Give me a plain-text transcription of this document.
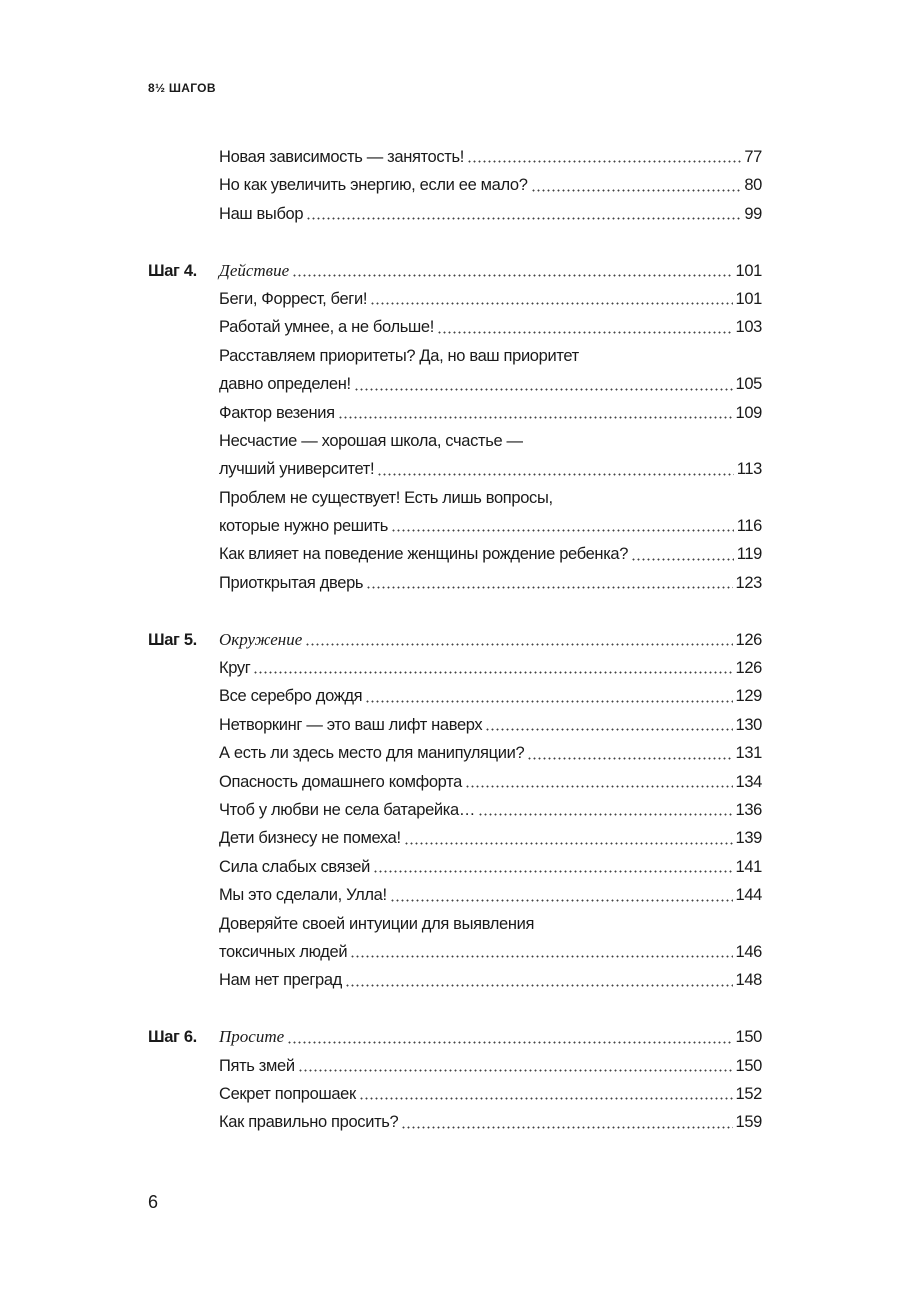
8½ ШАГОВ
Новая зависимость — занятость!	77
Но как увеличить энергию, если ее мало?	80
Наш выбор	99
Шаг 4.	Действие	101
Беги, Форрест, беги!	101
Работай умнее, а не больше!	103
Расставляем приоритеты? Да, но ваш приоритет
давно определен!	105
Фактор везения	109
Несчастие — хорошая школа, счастье —
лучший университет!	113
Проблем не существует! Есть лишь вопросы,
которые нужно решить	116
Как влияет на поведение женщины рождение ребенка?	119
Приоткрытая дверь	123
Шаг 5.	Окружение	126
Круг	126
Все серебро дождя	129
Нетворкинг — это ваш лифт наверх	130
А есть ли здесь место для манипуляции?	131
Опасность домашнего комфорта	134
Чтоб у любви не села батарейка…	136
Дети бизнесу не помеха!	139
Сила слабых связей	141
Мы это сделали, Улла!	144
Доверяйте своей интуиции для выявления
токсичных людей	146
Нам нет преград	148
Шаг 6.	Просите	150
Пять змей	150
Секрет попрошаек	152
Как правильно просить?	159
6
